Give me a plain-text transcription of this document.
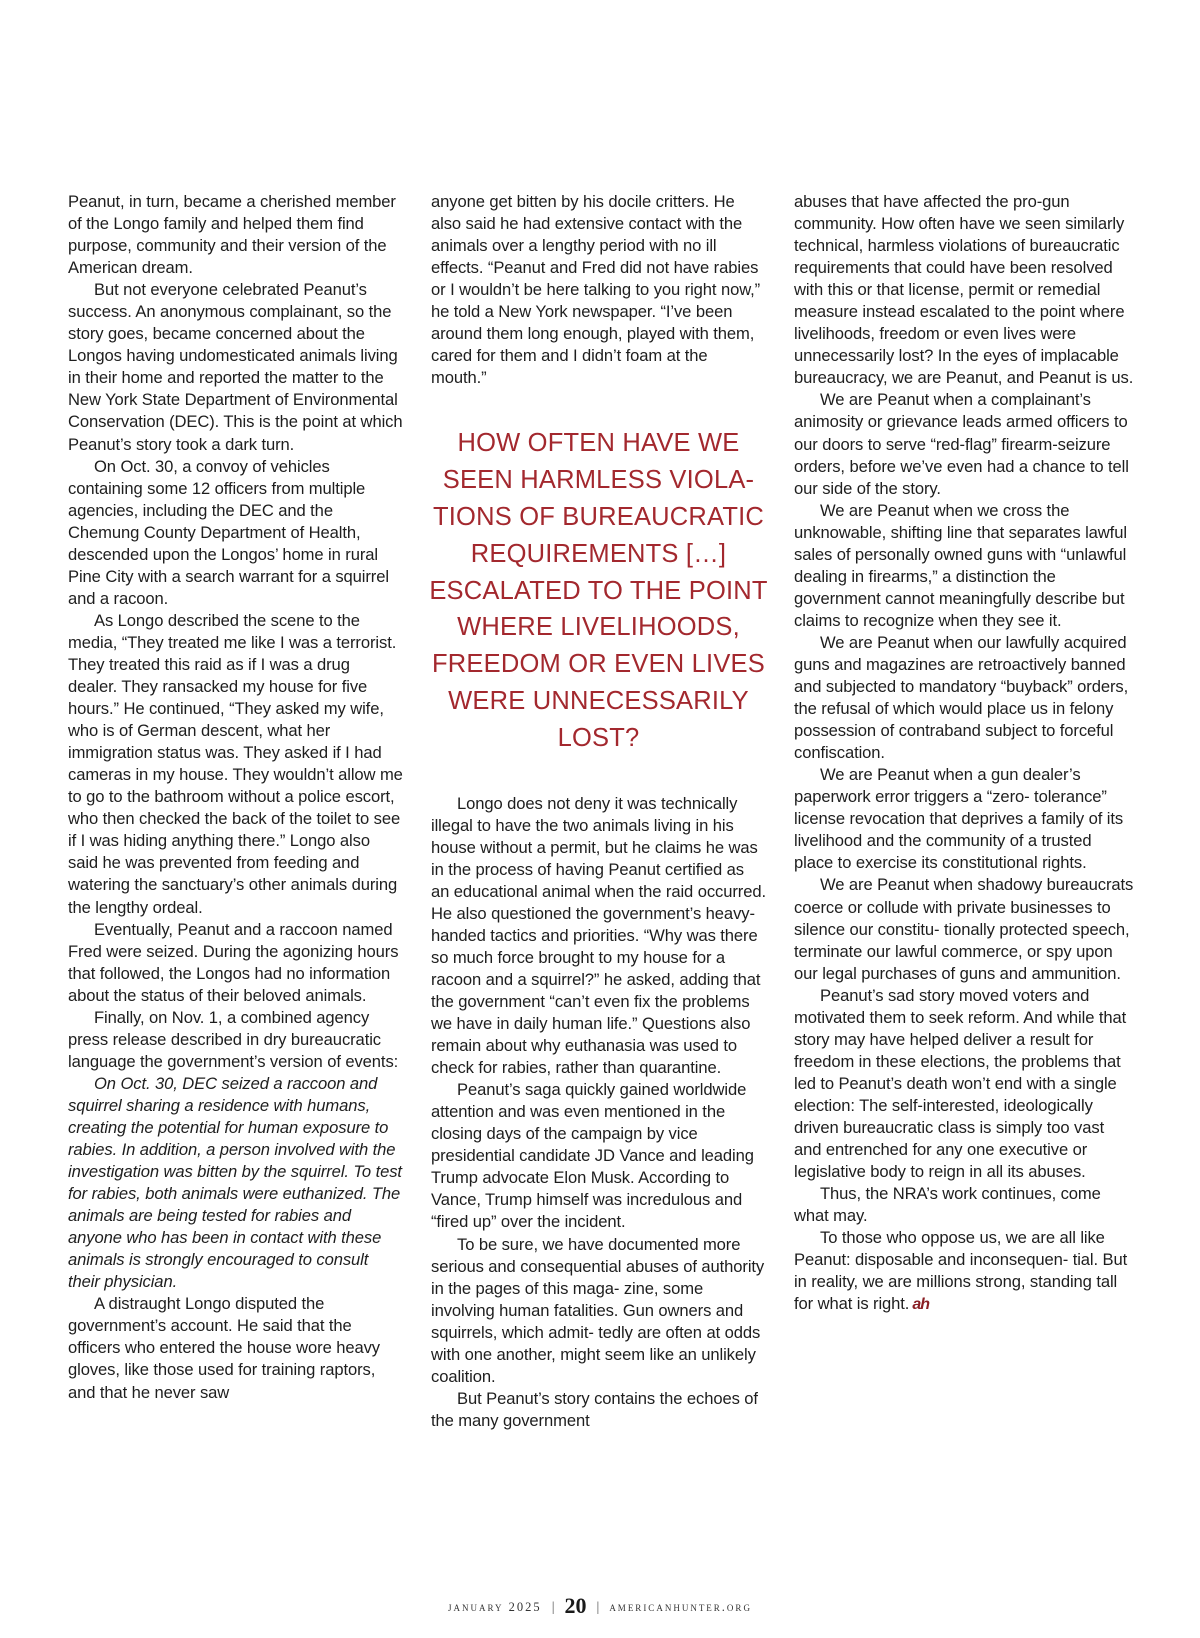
Peanut, in turn, became a cherished member of the Longo family and helped them find purpose, community and their version of the American dream.

But not everyone celebrated Peanut’s success. An anonymous complainant, so the story goes, became concerned about the Longos having undomesticated animals living in their home and reported the matter to the New York State Department of Environmental Conservation (DEC). This is the point at which Peanut’s story took a dark turn.

On Oct. 30, a convoy of vehicles containing some 12 officers from multiple agencies, including the DEC and the Chemung County Department of Health, descended upon the Longos’ home in rural Pine City with a search warrant for a squirrel and a racoon.

As Longo described the scene to the media, “They treated me like I was a terrorist. They treated this raid as if I was a drug dealer. They ransacked my house for five hours.” He continued, “They asked my wife, who is of German descent, what her immigration status was. They asked if I had cameras in my house. They wouldn’t allow me to go to the bathroom without a police escort, who then checked the back of the toilet to see if I was hiding anything there.” Longo also said he was prevented from feeding and watering the sanctuary’s other animals during the lengthy ordeal.

Eventually, Peanut and a raccoon named Fred were seized. During the agonizing hours that followed, the Longos had no information about the status of their beloved animals.

Finally, on Nov. 1, a combined agency press release described in dry bureaucratic language the government’s version of events:

On Oct. 30, DEC seized a raccoon and squirrel sharing a residence with humans, creating the potential for human exposure to rabies. In addition, a person involved with the investigation was bitten by the squirrel. To test for rabies, both animals were euthanized. The animals are being tested for rabies and anyone who has been in contact with these animals is strongly encouraged to consult their physician.

A distraught Longo disputed the government’s account. He said that the officers who entered the house wore heavy gloves, like those used for training raptors, and that he never saw

anyone get bitten by his docile critters. He also said he had extensive contact with the animals over a lengthy period with no ill effects. “Peanut and Fred did not have rabies or I wouldn’t be here talking to you right now,” he told a New York newspaper. “I’ve been around them long enough, played with them, cared for them and I didn’t foam at the mouth.”

HOW OFTEN HAVE WE SEEN HARMLESS VIOLA- TIONS OF BUREAUCRATIC REQUIREMENTS […] ESCALATED TO THE POINT WHERE LIVELIHOODS, FREEDOM OR EVEN LIVES WERE UNNECESSARILY LOST?

Longo does not deny it was technically illegal to have the two animals living in his house without a permit, but he claims he was in the process of having Peanut certified as an educational animal when the raid occurred. He also questioned the government’s heavy-handed tactics and priorities. “Why was there so much force brought to my house for a racoon and a squirrel?” he asked, adding that the government “can’t even fix the problems we have in daily human life.” Questions also remain about why euthanasia was used to check for rabies, rather than quarantine.

Peanut’s saga quickly gained worldwide attention and was even mentioned in the closing days of the campaign by vice presidential candidate JD Vance and leading Trump advocate Elon Musk. According to Vance, Trump himself was incredulous and “fired up” over the incident.

To be sure, we have documented more serious and consequential abuses of authority in the pages of this maga- zine, some involving human fatalities. Gun owners and squirrels, which admit- tedly are often at odds with one another, might seem like an unlikely coalition.

But Peanut’s story contains the echoes of the many government

abuses that have affected the pro-gun community. How often have we seen similarly technical, harmless violations of bureaucratic requirements that could have been resolved with this or that license, permit or remedial measure instead escalated to the point where livelihoods, freedom or even lives were unnecessarily lost? In the eyes of implacable bureaucracy, we are Peanut, and Peanut is us.

We are Peanut when a complainant’s animosity or grievance leads armed officers to our doors to serve “red-flag” firearm-seizure orders, before we’ve even had a chance to tell our side of the story.

We are Peanut when we cross the unknowable, shifting line that separates lawful sales of personally owned guns with “unlawful dealing in firearms,” a distinction the government cannot meaningfully describe but claims to recognize when they see it.

We are Peanut when our lawfully acquired guns and magazines are retroactively banned and subjected to mandatory “buyback” orders, the refusal of which would place us in felony possession of contraband subject to forceful confiscation.

We are Peanut when a gun dealer’s paperwork error triggers a “zero- tolerance” license revocation that deprives a family of its livelihood and the community of a trusted place to exercise its constitutional rights.

We are Peanut when shadowy bureaucrats coerce or collude with private businesses to silence our constitu- tionally protected speech, terminate our lawful commerce, or spy upon our legal purchases of guns and ammunition.

Peanut’s sad story moved voters and motivated them to seek reform. And while that story may have helped deliver a result for freedom in these elections, the problems that led to Peanut’s death won’t end with a single election: The self-interested, ideologically driven bureaucratic class is simply too vast and entrenched for any one executive or legislative body to reign in all its abuses.

Thus, the NRA’s work continues, come what may.

To those who oppose us, we are all like Peanut: disposable and inconsequen- tial. But in reality, we are millions strong, standing tall for what is right. ah

january 2025 | 20 | americanhunter.org
